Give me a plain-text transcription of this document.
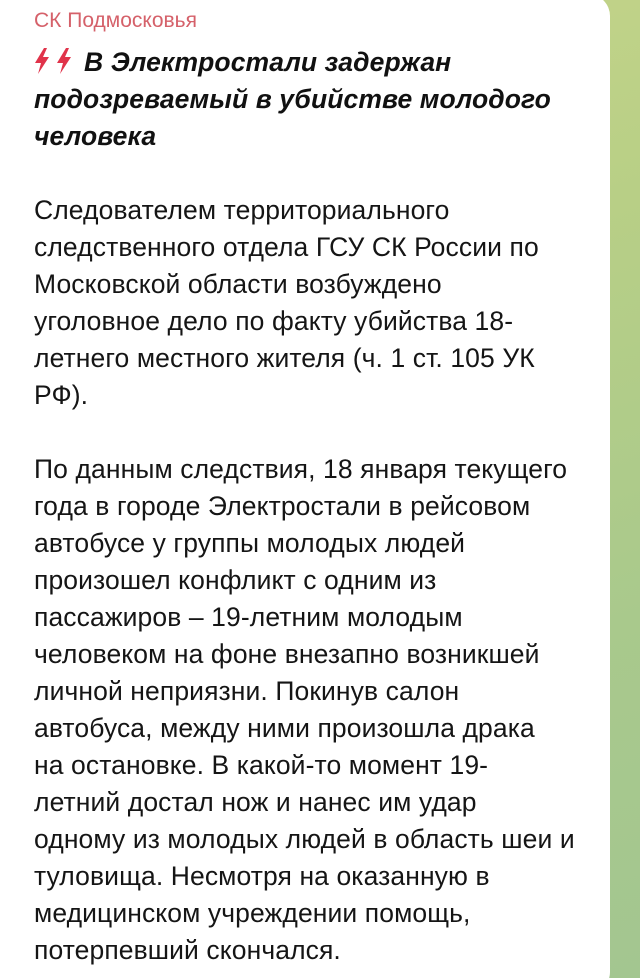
СК Подмосковья
В Электростали задержан
подозреваемый в убийстве молодого
человека
Следователем территориального
следственного отдела ГСУ СК России по
Московской области возбуждено
уголовное дело по факту убийства 18-
летнего местного жителя (ч. 1 ст. 105 УК
РФ).
По данным следствия, 18 января текущего
года в городе Электростали в рейсовом
автобусе у группы молодых людей
произошел конфликт с одним из
пассажиров – 19-летним молодым
человеком на фоне внезапно возникшей
личной неприязни. Покинув салон
автобуса, между ними произошла драка
на остановке. В какой-то момент 19-
летний достал нож и нанес им удар
одному из молодых людей в область шеи и
туловища. Несмотря на оказанную в
медицинском учреждении помощь,
потерпевший скончался.
